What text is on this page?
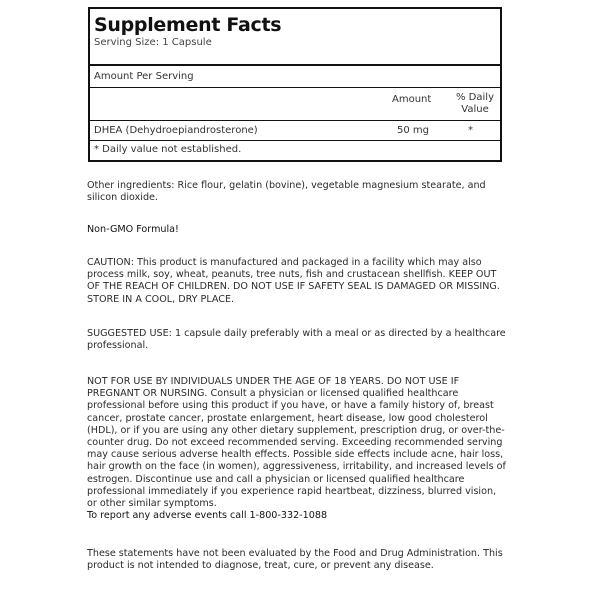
Supplement Facts
Serving Size: 1 Capsule
Amount Per Serving
Amount	% Daily
Value
DHEA (Dehydroepiandrosterone)	50 mg	*
* Daily value not established.

Other ingredients: Rice flour, gelatin (bovine), vegetable magnesium stearate, and silicon dioxide.

Non-GMO Formula!

CAUTION: This product is manufactured and packaged in a facility which may also process milk, soy, wheat, peanuts, tree nuts, fish and crustacean shellfish. KEEP OUT OF THE REACH OF CHILDREN. DO NOT USE IF SAFETY SEAL IS DAMAGED OR MISSING. STORE IN A COOL, DRY PLACE.

SUGGESTED USE: 1 capsule daily preferably with a meal or as directed by a healthcare professional.

NOT FOR USE BY INDIVIDUALS UNDER THE AGE OF 18 YEARS. DO NOT USE IF PREGNANT OR NURSING. Consult a physician or licensed qualified healthcare professional before using this product if you have, or have a family history of, breast cancer, prostate cancer, prostate enlargement, heart disease, low good cholesterol (HDL), or if you are using any other dietary supplement, prescription drug, or over-the-counter drug. Do not exceed recommended serving. Exceeding recommended serving may cause serious adverse health effects. Possible side effects include acne, hair loss, hair growth on the face (in women), aggressiveness, irritability, and increased levels of estrogen. Discontinue use and call a physician or licensed qualified healthcare professional immediately if you experience rapid heartbeat, dizziness, blurred vision, or other similar symptoms.

To report any adverse events call 1-800-332-1088

These statements have not been evaluated by the Food and Drug Administration. This product is not intended to diagnose, treat, cure, or prevent any disease.
